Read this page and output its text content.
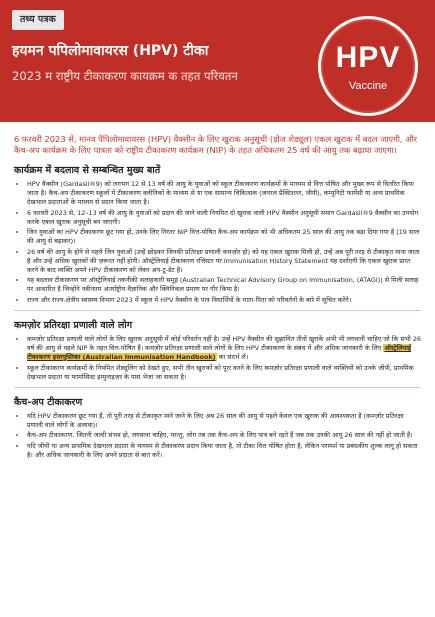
तथ्य पत्रक
हयमन पपिलोमावायरस (HPV) टीका

2023 म राष्ट्रीय टीकाकरण कायक्रम क तहत परिवतन

HPV
Vaccine

6 फरवरी 2023 से, मानव पैपिलोमावायरस (HPV) वैक्सीन के लिए खुराक अनुसूची (डोज शेड्यूल) एकल खुराक में बदल जाएगी, और कैच-अप कार्यक्रम के लिए पात्रता को राष्ट्रीय टीकाकरण कार्यक्रम (NIP) के तहत अधिकतम 25 वर्ष की आयु तक बढ़ाया जाएगा।

कार्यक्रम में बदलाव से सम्बन्धित मुख्य बातें
• HPV वैक्सीन (Gardasil®9) को लगभग 12 से 13 वर्ष की आयु के युवाओं को स्कूल टीकाकरण कार्यक्रमों के माध्यम से वित्त पोषित और मुख्य रूप से वितरित किया जाता है। कैच-अप टीकाकरण स्कूलों में टीकाकरण क्लीनिकों के माध्यम से या एक सामान्य चिकित्सक (जनरल प्रैक्टिशनर, जीपी), कम्युनिटी फार्मेसी या अन्य प्राथमिक देखभाल प्रदाताओं के माध्यम से प्रदान किया जाता है।
• 6 फरवरी 2023 से, 12–13 वर्ष की आयु के युवाओं को प्रदान की जाने वाली नियमित दो खुराक वाली HPV वैक्सीन अनुसूची समान Gardasil®9 वैक्सीन का उपयोग करके एकल खुराक अनुसूची बन जाएगी।
• जिन युवाओं का HPV टीकाकरण छूट गया हो, उनके लिए निरंतर NIP वित्त-पोषित कैच-अप कार्यक्रम को भी अधिकतम 25 साल की आयु तक बढ़ा दिया गया है (19 साल की आयु से बढ़ाकर)।
• 26 वर्ष की आयु के होने से पहले जिन युवाओं (उन्हें छोड़कर जिनकी प्रतिरक्षा प्रणाली कमज़ोर हो) को यह एकल खुराक मिली हो, उन्हें अब पूरी तरह से टीकाकृत माना जाता है और उन्हें अधिक खुराकों की ज़रूरत नहीं होगी। ऑस्ट्रेलियाई टीकाकरण रजिस्टर पर Immunisation History Statement यह दर्शाएगी कि एकल खुराक प्राप्त करने के बाद व्यक्ति अपने HPV टीकाकरण को लेकर अप-टू-डेट है।
• यह बदलाव टीकाकरण पर ऑस्ट्रेलियाई तकनीकी सलाहकारी समूह (Australian Technical Advisory Group on Immunisation, (ATAGI)) से मिली सलाह पर आधारित है जिन्होंने नवीनतम अंतर्राष्ट्रीय वैज्ञानिक और क्लिनिकल प्रमाण पर गौर किया है।
• राज्य और राज्य-क्षेत्रीय स्वास्थ्य विभाग 2023 में स्कूल में HPV वैक्सीन के पात्र विधार्थियों के माता-पिता को परिवर्तनों के बारे में सूचित करेंगे।
कमज़ोर प्रतिरक्षा प्रणाली वाले लोग
• कमज़ोर प्रतिरक्षा प्रणाली वाले लोगों के लिए खुराक अनुसूची में कोई परिवर्तन नहीं है। उन्हें HPV वैक्सीन की सुझायित तीनों खुराकें अभी भी लगवानी चाहिए जो कि सभी 26 वर्ष की आयु से पहले NIP के तहत वित्त-पोषित हैं। कमज़ोर प्रतिरक्षा प्रणाली वाले लोगों के लिए HPV टीकाकरण के संबंध में और अधिक जानकारी के लिए ऑस्ट्रेलियाई टीकाकरण हस्तपुस्तिका (Australian Immunisation Handbook) का संदर्भ लें।
• स्कूल टीकाकरण कार्यक्रमों के नियमित शेड्यूलिंग को देखते हुए, सभी तीन खुराकों को पूरा करने के लिए कमज़ोर प्रतिरक्षा प्रणाली वाले व्यक्तियों को उनके जीपी, प्राथमिक देखभाल प्रदाता या फार्मासिस्ट इम्युनाइज़र के पास भेजा जा सकता है।
कैच-अप टीकाकरण
• यदि HPV टीकाकरण छूट गया है, तो पूरी तरह से टीकाकृत माने जाने के लिए अब 26 साल की आयु से पहले केवल एक खुराक की आवश्यकता है (कमज़ोर प्रतिरक्षा प्रणाली वाले लोगों के अलावा)।
• कैच-अप टीकाकरण, जितनी जल्दी संभव हो, लगवाना चाहिए, परन्तु, लोग तब तक कैच-अप के लिए पात्र बने रहते हैं जब तक उनकी आयु 26 साल की नहीं हो जाती है।
• यदि जीपी या अन्य प्राथमिक देखभाल प्रदाता के माध्यम से टीकाकरण प्रदान किया जाता है, तो टीका वित्त पोषित होता है, लेकिन परामर्श या प्रबंधकीय शुल्क लागू हो सकता है। और अधिक जानकारी के लिए अपने प्रदाता से बात करें।
